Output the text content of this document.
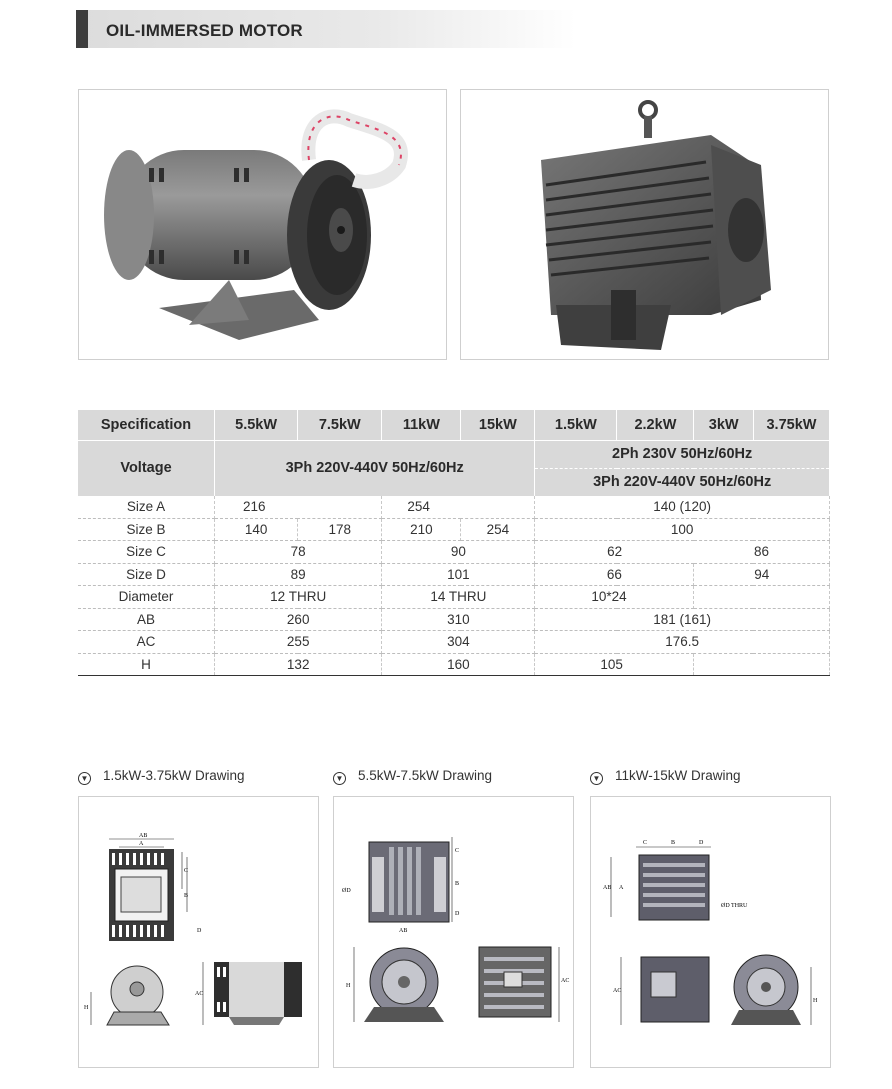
OIL-IMMERSED MOTOR
Specification	5.5kW	7.5kW	11kW	15kW	1.5kW	2.2kW	3kW	3.75kW
Voltage	3Ph 220V-440V 50Hz/60Hz				2Ph 230V 50Hz/60Hz			
					3Ph 220V-440V 50Hz/60Hz			
Size A	216		254		140 (120)			
Size B	140	178	210	254	100			
Size C	78		90		62		86	
Size D	89		101		66		94	
Diameter	12 THRU		14 THRU		10*24			
AB	260		310		181 (161)			
AC	255		304		176.5			
H	132		160		105			
▼ 1.5kW-3.75kW Drawing	▼ 5.5kW-7.5kW Drawing	▼ 11kW-15kW Drawing
AB
A
C
B
D
H
AC
C
B
D
ØD
AB
H
AC
C	B	D
AB A
ØD THRU
AC
H
